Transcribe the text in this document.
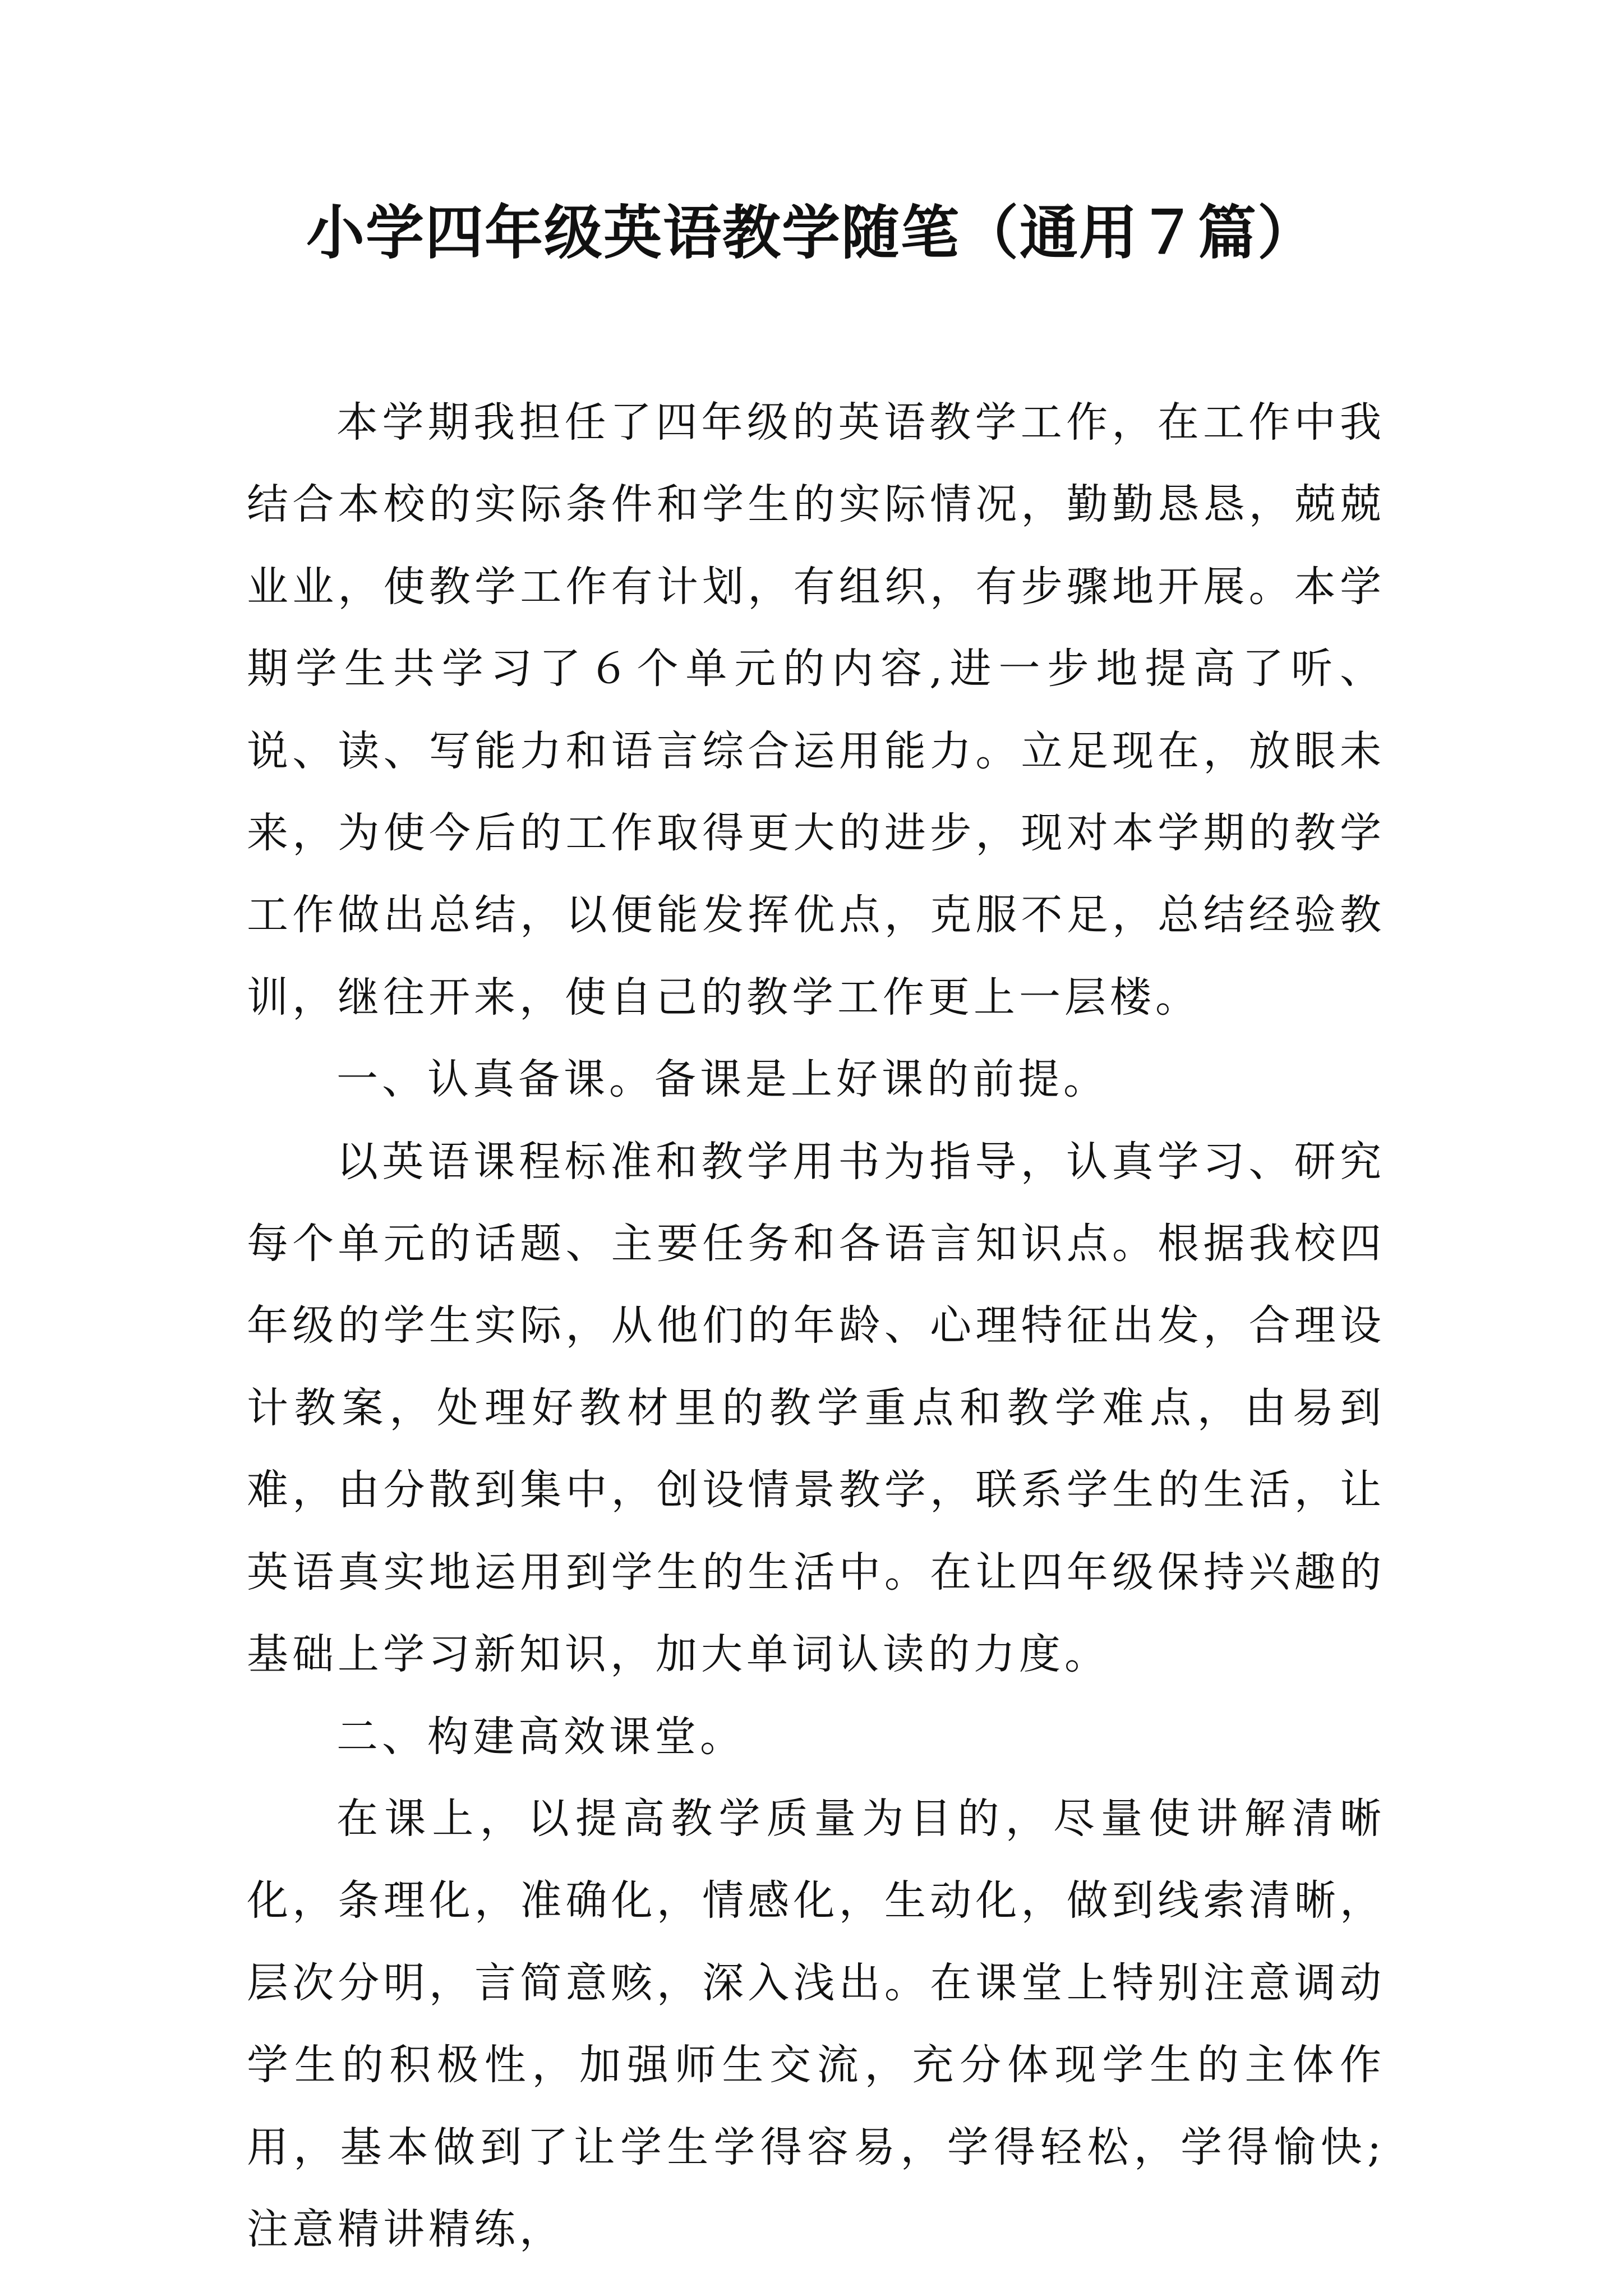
小学四年级英语教学随笔（通用７篇）

本学期我担任了四年级的英语教学工作，在工作中我结合本校的实际条件和学生的实际情况，勤勤恳恳，兢兢业业，使教学工作有计划，有组织，有步骤地开展。本学期学生共学习了６个单元的内容,进一步地提高了听、说、读、写能力和语言综合运用能力。立足现在，放眼未来，为使今后的工作取得更大的进步，现对本学期的教学工作做出总结，以便能发挥优点，克服不足，总结经验教训，继往开来，使自己的教学工作更上一层楼。

一、认真备课。备课是上好课的前提。

以英语课程标准和教学用书为指导，认真学习、研究每个单元的话题、主要任务和各语言知识点。根据我校四年级的学生实际，从他们的年龄、心理特征出发，合理设计教案，处理好教材里的教学重点和教学难点，由易到难，由分散到集中，创设情景教学，联系学生的生活，让英语真实地运用到学生的生活中。在让四年级保持兴趣的基础上学习新知识，加大单词认读的力度。

二、构建高效课堂。

在课上，以提高教学质量为目的，尽量使讲解清晰化，条理化，准确化，情感化，生动化，做到线索清晰，层次分明，言简意赅，深入浅出。在课堂上特别注意调动学生的积极性，加强师生交流，充分体现学生的主体作用，基本做到了让学生学得容易，学得轻松，学得愉快;注意精讲精练，
